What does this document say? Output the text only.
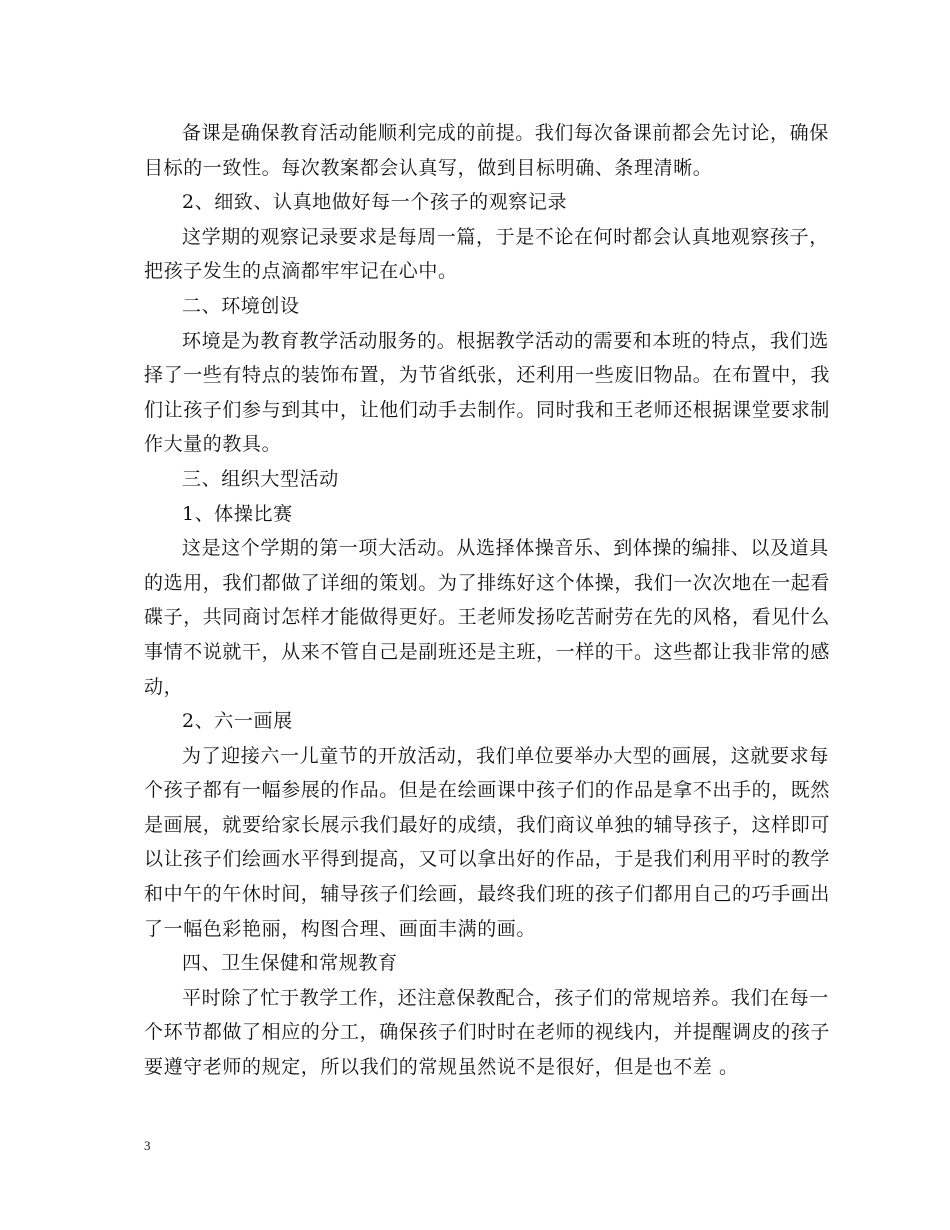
备课是确保教育活动能顺利完成的前提。我们每次备课前都会先讨论，确保
目标的一致性。每次教案都会认真写，做到目标明确、条理清晰。
2、细致、认真地做好每一个孩子的观察记录
这学期的观察记录要求是每周一篇，于是不论在何时都会认真地观察孩子，
把孩子发生的点滴都牢牢记在心中。
二、环境创设
环境是为教育教学活动服务的。根据教学活动的需要和本班的特点，我们选
择了一些有特点的装饰布置，为节省纸张，还利用一些废旧物品。在布置中，我
们让孩子们参与到其中，让他们动手去制作。同时我和王老师还根据课堂要求制
作大量的教具。
三、组织大型活动
1、体操比赛
这是这个学期的第一项大活动。从选择体操音乐、到体操的编排、以及道具
的选用，我们都做了详细的策划。为了排练好这个体操，我们一次次地在一起看
碟子，共同商讨怎样才能做得更好。王老师发扬吃苦耐劳在先的风格，看见什么
事情不说就干，从来不管自己是副班还是主班，一样的干。这些都让我非常的感
动，
2、六一画展
为了迎接六一儿童节的开放活动，我们单位要举办大型的画展，这就要求每
个孩子都有一幅参展的作品。但是在绘画课中孩子们的作品是拿不出手的，既然
是画展，就要给家长展示我们最好的成绩，我们商议单独的辅导孩子，这样即可
以让孩子们绘画水平得到提高，又可以拿出好的作品，于是我们利用平时的教学
和中午的午休时间，辅导孩子们绘画，最终我们班的孩子们都用自己的巧手画出
了一幅色彩艳丽，构图合理、画面丰满的画。
四、卫生保健和常规教育
平时除了忙于教学工作，还注意保教配合，孩子们的常规培养。我们在每一
个环节都做了相应的分工，确保孩子们时时在老师的视线内，并提醒调皮的孩子
要遵守老师的规定，所以我们的常规虽然说不是很好，但是也不差 。
3
